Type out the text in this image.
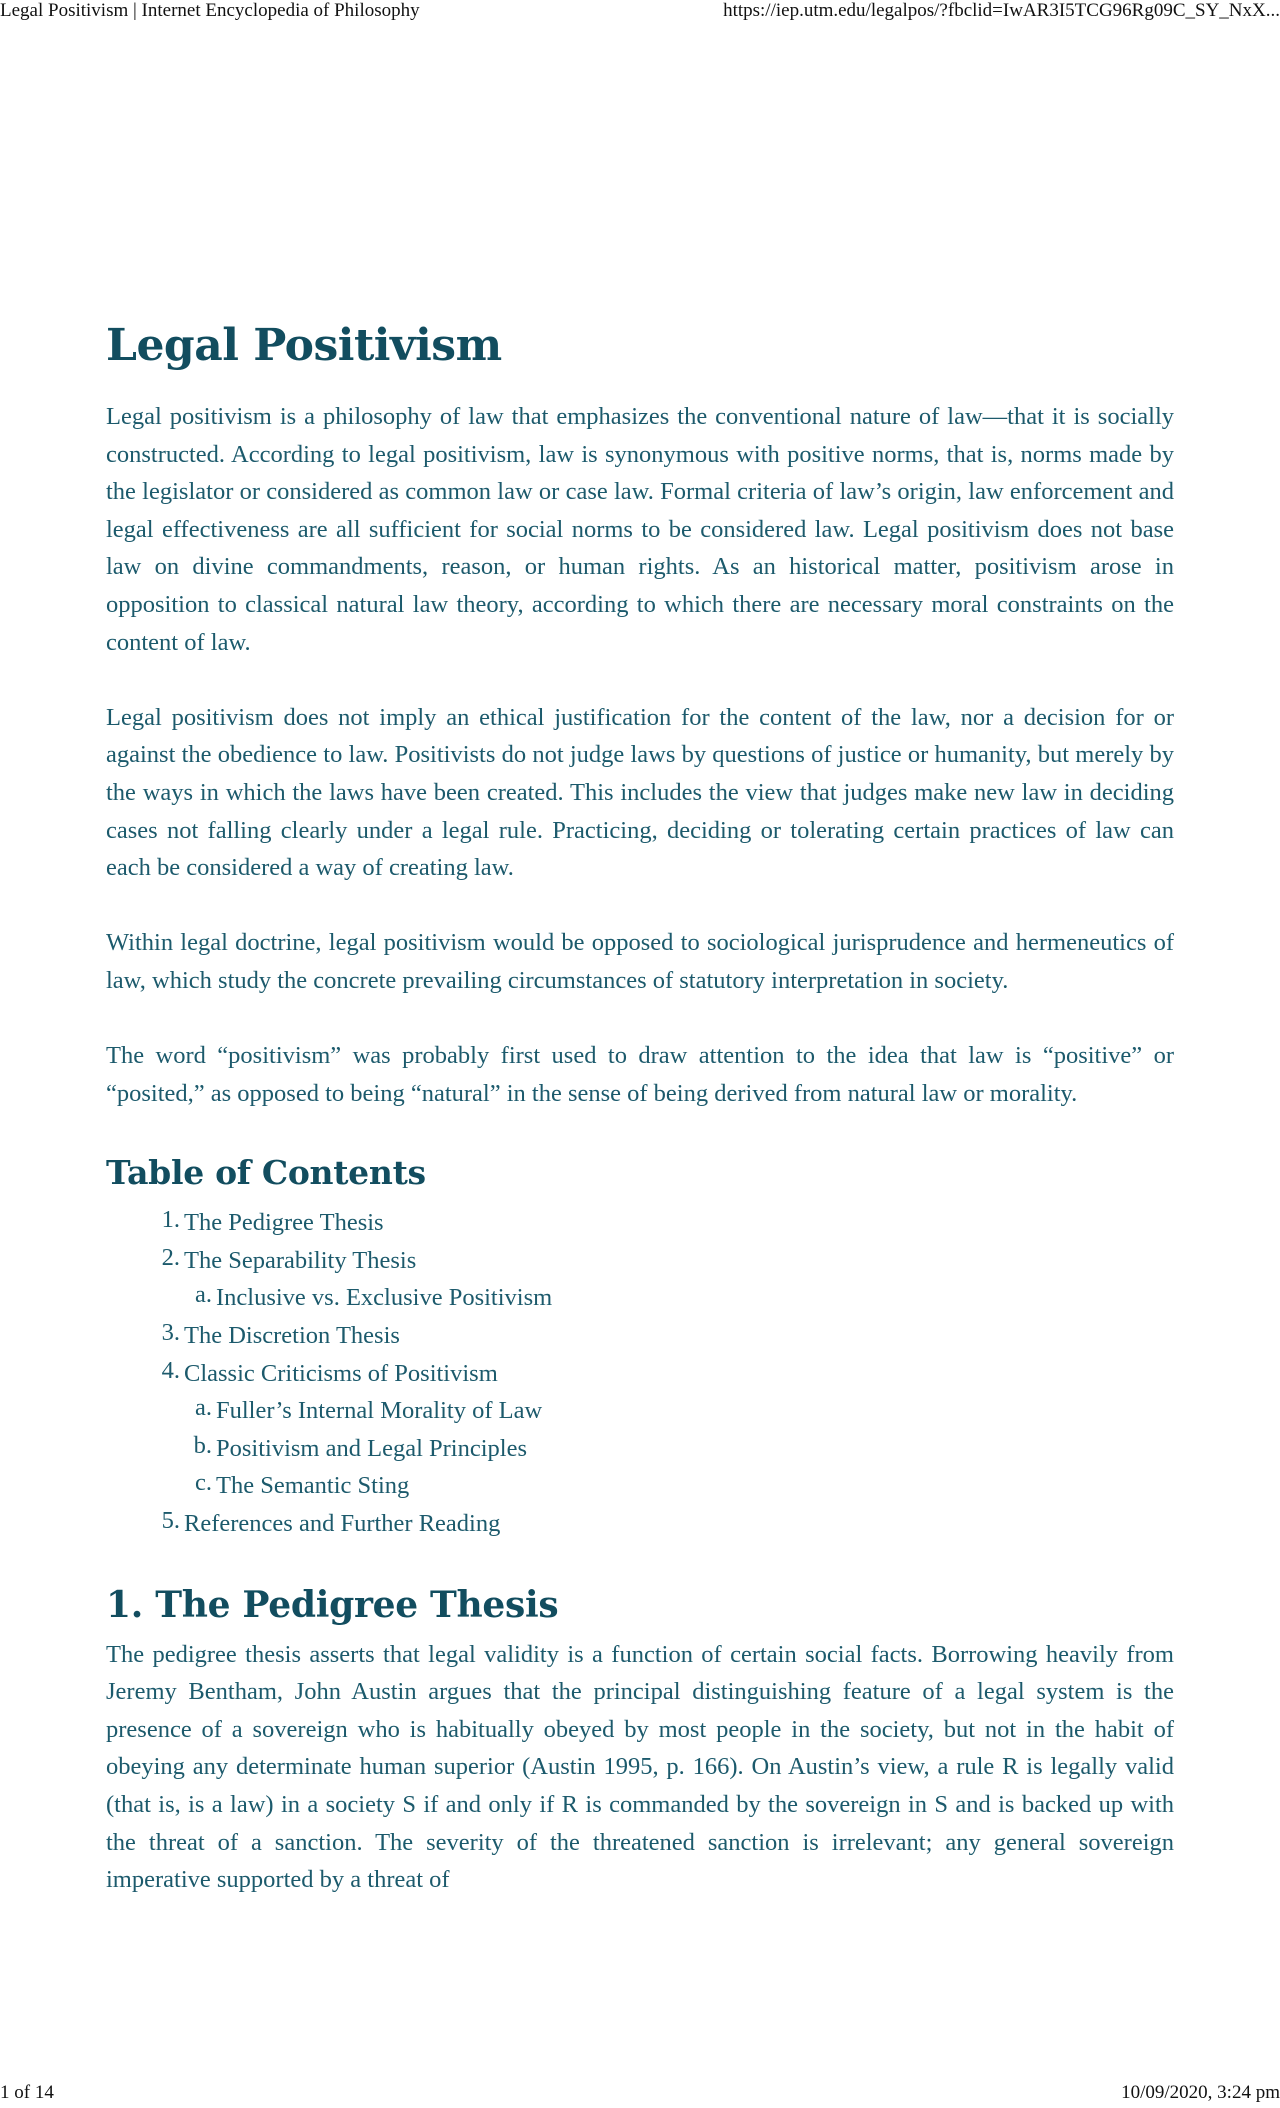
Legal Positivism | Internet Encyclopedia of Philosophy	https://iep.utm.edu/legalpos/?fbclid=IwAR3I5TCG96Rg09C_SY_NxX...
Legal Positivism

Legal positivism is a philosophy of law that emphasizes the conventional nature of law—that it is socially constructed. According to legal positivism, law is synonymous with positive norms, that is, norms made by the legislator or considered as common law or case law. Formal criteria of law’s origin, law enforcement and legal effectiveness are all sufficient for social norms to be considered law. Legal positivism does not base law on divine commandments, reason, or human rights. As an historical matter, positivism arose in opposition to classical natural law theory, according to which there are necessary moral constraints on the content of law.

Legal positivism does not imply an ethical justification for the content of the law, nor a decision for or against the obedience to law. Positivists do not judge laws by questions of justice or humanity, but merely by the ways in which the laws have been created. This includes the view that judges make new law in deciding cases not falling clearly under a legal rule. Practicing, deciding or tolerating certain practices of law can each be considered a way of creating law.

Within legal doctrine, legal positivism would be opposed to sociological jurisprudence and hermeneutics of law, which study the concrete prevailing circumstances of statutory interpretation in society.

The word “positivism” was probably first used to draw attention to the idea that law is “positive” or “posited,” as opposed to being “natural” in the sense of being derived from natural law or morality.

Table of Contents
1. The Pedigree Thesis
2. The Separability Thesis
a. Inclusive vs. Exclusive Positivism
3. The Discretion Thesis
4. Classic Criticisms of Positivism
a. Fuller’s Internal Morality of Law
b. Positivism and Legal Principles
c. The Semantic Sting
5. References and Further Reading
1. The Pedigree Thesis

The pedigree thesis asserts that legal validity is a function of certain social facts. Borrowing heavily from Jeremy Bentham, John Austin argues that the principal distinguishing feature of a legal system is the presence of a sovereign who is habitually obeyed by most people in the society, but not in the habit of obeying any determinate human superior (Austin 1995, p. 166). On Austin’s view, a rule R is legally valid (that is, is a law) in a society S if and only if R is commanded by the sovereign in S and is backed up with the threat of a sanction. The severity of the threatened sanction is irrelevant; any general sovereign imperative supported by a threat of

1 of 14	10/09/2020, 3:24 pm
